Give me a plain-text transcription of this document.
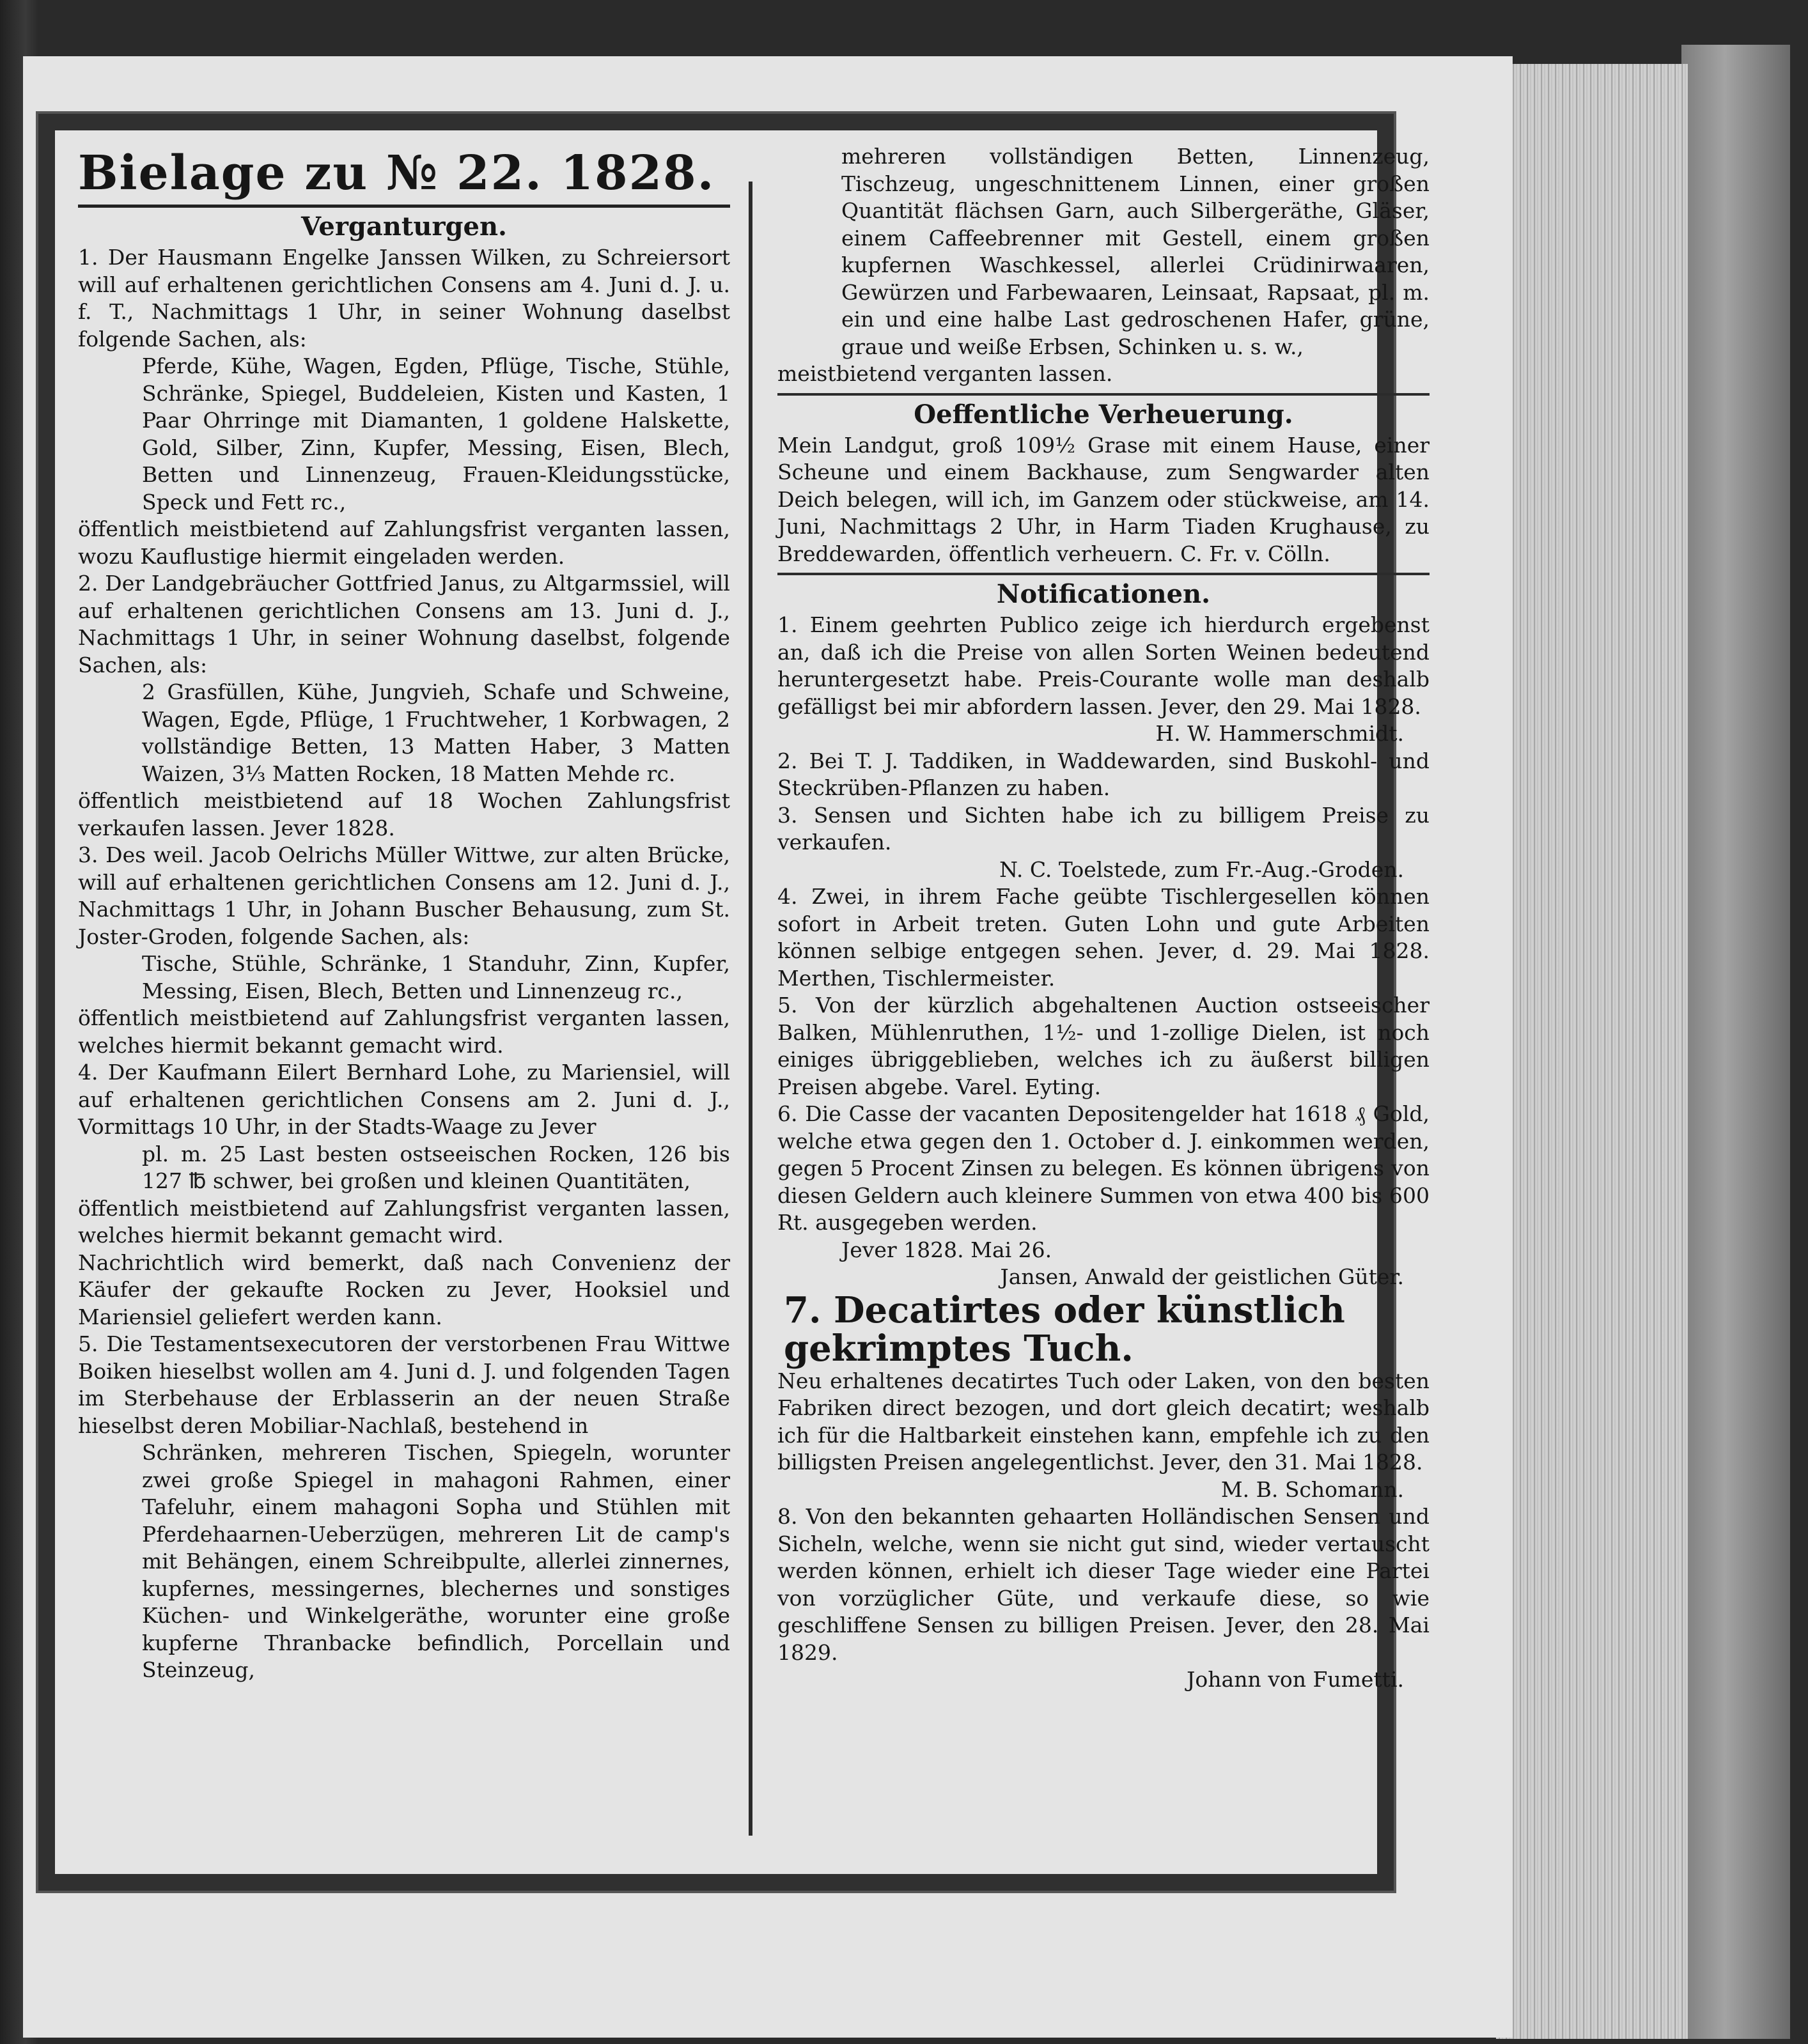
Bielage zu № 22. 1828.
Verganturgen.

1. Der Hausmann Engelke Janssen Wilken, zu Schreiersort will auf erhaltenen gerichtlichen Consens am 4. Juni d. J. u. f. T., Nachmittags 1 Uhr, in seiner Wohnung daselbst folgende Sachen, als:

Pferde, Kühe, Wagen, Egden, Pflüge, Tische, Stühle, Schränke, Spiegel, Buddeleien, Kisten und Kasten, 1 Paar Ohrringe mit Diamanten, 1 goldene Halskette, Gold, Silber, Zinn, Kupfer, Messing, Eisen, Blech, Betten und Linnenzeug, Frauen-Kleidungsstücke, Speck und Fett rc.,

öffentlich meistbietend auf Zahlungsfrist verganten lassen, wozu Kauflustige hiermit eingeladen werden.

2. Der Landgebräucher Gottfried Janus, zu Altgarmssiel, will auf erhaltenen gerichtlichen Consens am 13. Juni d. J., Nachmittags 1 Uhr, in seiner Wohnung daselbst, folgende Sachen, als:

2 Grasfüllen, Kühe, Jungvieh, Schafe und Schweine, Wagen, Egde, Pflüge, 1 Fruchtweher, 1 Korbwagen, 2 vollständige Betten, 13 Matten Haber, 3 Matten Waizen, 3⅓ Matten Rocken, 18 Matten Mehde rc.

öffentlich meistbietend auf 18 Wochen Zahlungsfrist verkaufen lassen. Jever 1828.

3. Des weil. Jacob Oelrichs Müller Wittwe, zur alten Brücke, will auf erhaltenen gerichtlichen Consens am 12. Juni d. J., Nachmittags 1 Uhr, in Johann Buscher Behausung, zum St. Joster-Groden, folgende Sachen, als:

Tische, Stühle, Schränke, 1 Standuhr, Zinn, Kupfer, Messing, Eisen, Blech, Betten und Linnenzeug rc.,

öffentlich meistbietend auf Zahlungsfrist verganten lassen, welches hiermit bekannt gemacht wird.

4. Der Kaufmann Eilert Bernhard Lohe, zu Mariensiel, will auf erhaltenen gerichtlichen Consens am 2. Juni d. J., Vormittags 10 Uhr, in der Stadts-Waage zu Jever

pl. m. 25 Last besten ostseeischen Rocken, 126 bis 127 ℔ schwer, bei großen und kleinen Quantitäten,

öffentlich meistbietend auf Zahlungsfrist verganten lassen, welches hiermit bekannt gemacht wird.

Nachrichtlich wird bemerkt, daß nach Convenienz der Käufer der gekaufte Rocken zu Jever, Hooksiel und Mariensiel geliefert werden kann.

5. Die Testamentsexecutoren der verstorbenen Frau Wittwe Boiken hieselbst wollen am 4. Juni d. J. und folgenden Tagen im Sterbehause der Erblasserin an der neuen Straße hieselbst deren Mobiliar-Nachlaß, bestehend in

Schränken, mehreren Tischen, Spiegeln, worunter zwei große Spiegel in mahagoni Rahmen, einer Tafeluhr, einem mahagoni Sopha und Stühlen mit Pferdehaarnen-Ueberzügen, mehreren Lit de camp's mit Behängen, einem Schreibpulte, allerlei zinnernes, kupfernes, messingernes, blechernes und sonstiges Küchen- und Winkelgeräthe, worunter eine große kupferne Thranbacke befindlich, Porcellain und Steinzeug,

mehreren vollständigen Betten, Linnenzeug, Tischzeug, ungeschnittenem Linnen, einer großen Quantität flächsen Garn, auch Silbergeräthe, Gläser, einem Caffeebrenner mit Gestell, einem großen kupfernen Waschkessel, allerlei Crüdinirwaaren, Gewürzen und Farbewaaren, Leinsaat, Rapsaat, pl. m. ein und eine halbe Last gedroschenen Hafer, grüne, graue und weiße Erbsen, Schinken u. s. w.,

meistbietend verganten lassen.

Oeffentliche Verheuerung.

Mein Landgut, groß 109½ Grase mit einem Hause, einer Scheune und einem Backhause, zum Sengwarder alten Deich belegen, will ich, im Ganzem oder stückweise, am 14. Juni, Nachmittags 2 Uhr, in Harm Tiaden Krughause, zu Breddewarden, öffentlich verheuern. C. Fr. v. Cölln.

Notificationen.

1. Einem geehrten Publico zeige ich hierdurch ergebenst an, daß ich die Preise von allen Sorten Weinen bedeutend heruntergesetzt habe. Preis-Courante wolle man deshalb gefälligst bei mir abfordern lassen. Jever, den 29. Mai 1828.

H. W. Hammerschmidt.

2. Bei T. J. Taddiken, in Waddewarden, sind Buskohl- und Steckrüben-Pflanzen zu haben.

3. Sensen und Sichten habe ich zu billigem Preise zu verkaufen.

N. C. Toelstede, zum Fr.-Aug.-Groden.

4. Zwei, in ihrem Fache geübte Tischlergesellen können sofort in Arbeit treten. Guten Lohn und gute Arbeiten können selbige entgegen sehen. Jever, d. 29. Mai 1828. Merthen, Tischlermeister.

5. Von der kürzlich abgehaltenen Auction ostseeischer Balken, Mühlenruthen, 1½- und 1-zollige Dielen, ist noch einiges übriggeblieben, welches ich zu äußerst billigen Preisen abgebe. Varel. Eyting.

6. Die Casse der vacanten Depositengelder hat 1618 ₰ Gold, welche etwa gegen den 1. October d. J. einkommen werden, gegen 5 Procent Zinsen zu belegen. Es können übrigens von diesen Geldern auch kleinere Summen von etwa 400 bis 600 Rt. ausgegeben werden.

Jever 1828. Mai 26.

Jansen, Anwald der geistlichen Güter.

7. Decatirtes oder künstlich gekrimptes Tuch.

Neu erhaltenes decatirtes Tuch oder Laken, von den besten Fabriken direct bezogen, und dort gleich decatirt; weshalb ich für die Haltbarkeit einstehen kann, empfehle ich zu den billigsten Preisen angelegentlichst. Jever, den 31. Mai 1828.

M. B. Schomann.

8. Von den bekannten gehaarten Holländischen Sensen und Sicheln, welche, wenn sie nicht gut sind, wieder vertauscht werden können, erhielt ich dieser Tage wieder eine Partei von vorzüglicher Güte, und verkaufe diese, so wie geschliffene Sensen zu billigen Preisen. Jever, den 28. Mai 1829.

Johann von Fumetti.
